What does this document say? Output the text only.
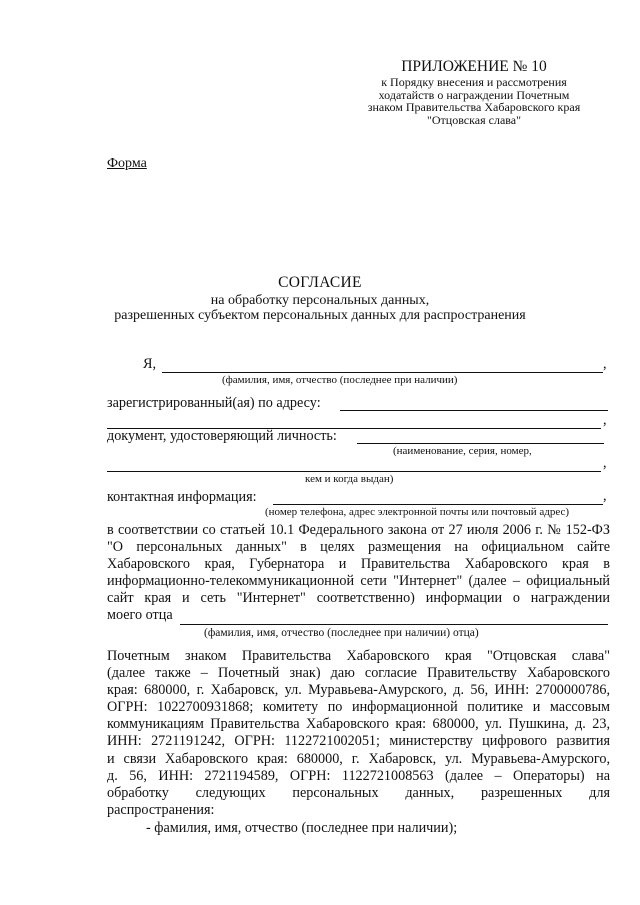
ПРИЛОЖЕНИЕ № 10
к Порядку внесения и рассмотрения
ходатайств о награждении Почетным
знаком Правительства Хабаровского края
"Отцовская слава"
Форма
СОГЛАСИЕ
на обработку персональных данных,
разрешенных субъектом персональных данных для распространения
Я,	,
(фамилия, имя, отчество (последнее при наличии)
зарегистрированный(ая) по адресу:
,
документ, удостоверяющий личность:
(наименование, серия, номер,
,
кем и когда выдан)
контактная информация:	,
(номер телефона, адрес электронной почты или почтовый адрес)
в соответствии со статьей 10.1 Федерального закона от 27 июля 2006 г. № 152-ФЗ
"О персональных данных" в целях размещения на официальном сайте
Хабаровского края, Губернатора и Правительства Хабаровского края в
информационно-телекоммуникационной сети "Интернет" (далее – официальный
сайт края и сеть "Интернет" соответственно) информации о награждении
моего отца
(фамилия, имя, отчество (последнее при наличии) отца)
Почетным знаком Правительства Хабаровского края "Отцовская слава"
(далее также – Почетный знак) даю согласие Правительству Хабаровского
края: 680000, г. Хабаровск, ул. Муравьева-Амурского, д. 56, ИНН: 2700000786,
ОГРН: 1022700931868; комитету по информационной политике и массовым
коммуникациям Правительства Хабаровского края: 680000, ул. Пушкина, д. 23,
ИНН: 2721191242, ОГРН: 1122721002051; министерству цифрового развития
и связи Хабаровского края: 680000, г. Хабаровск, ул. Муравьева-Амурского,
д. 56, ИНН: 2721194589, ОГРН: 1122721008563 (далее – Операторы) на
обработку следующих персональных данных, разрешенных для
распространения:
- фамилия, имя, отчество (последнее при наличии);
